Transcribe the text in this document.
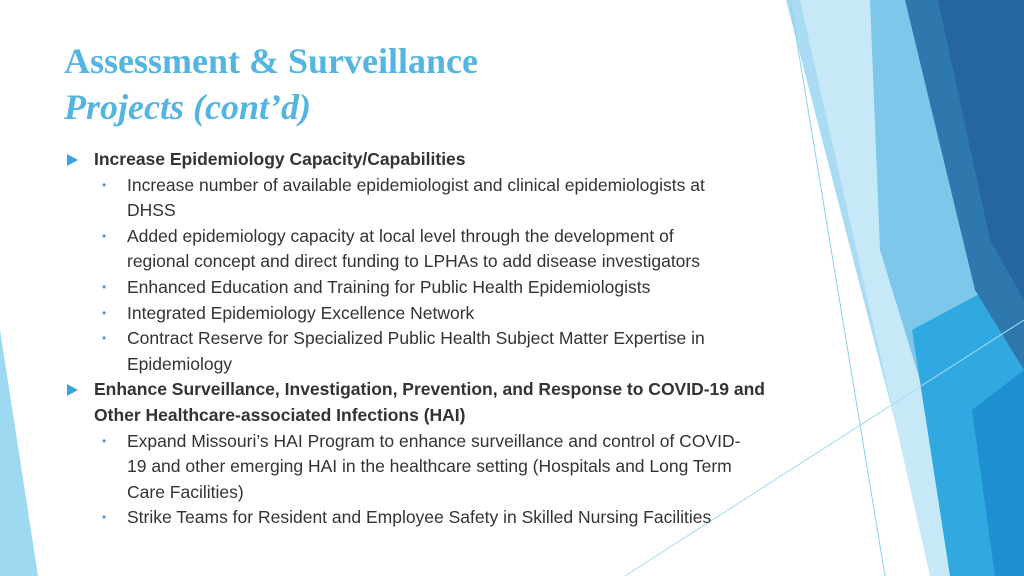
Assessment & Surveillance
Projects (cont’d)
Increase Epidemiology Capacity/Capabilities
• Increase number of available epidemiologist and clinical epidemiologists at
DHSS
• Added epidemiology capacity at local level through the development of
regional concept and direct funding to LPHAs to add disease investigators
• Enhanced Education and Training for Public Health Epidemiologists
• Integrated Epidemiology Excellence Network
• Contract Reserve for Specialized Public Health Subject Matter Expertise in
Epidemiology
Enhance Surveillance, Investigation, Prevention, and Response to COVID-19 and
Other Healthcare-associated Infections (HAI)
• Expand Missouri’s HAI Program to enhance surveillance and control of COVID-
19 and other emerging HAI in the healthcare setting (Hospitals and Long Term
Care Facilities)
• Strike Teams for Resident and Employee Safety in Skilled Nursing Facilities
